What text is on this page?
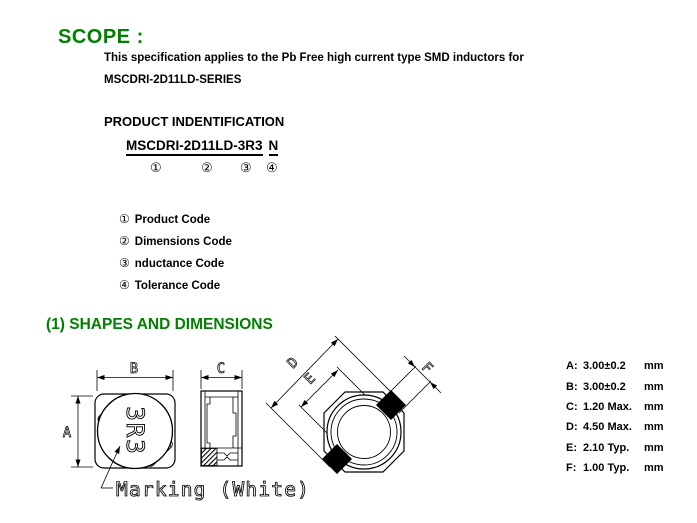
SCOPE :
This specification applies to the Pb Free high current type SMD inductors for
MSCDRI-2D11LD-SERIES
PRODUCT INDENTIFICATION
MSCDRI-2D11LD-3R3 N
①	② ③ ④
① Product Code
② Dimensions Code
③ nductance Code
④ Tolerance Code
(1) SHAPES AND DIMENSIONS
3R3
B
A
Marking (White)
C	D
E
F	A: 3.00±0.2	mm
B: 3.00±0.2	mm
C: 1.20 Max.	mm
D: 4.50 Max.	mm
E: 2.10 Typ.	mm
F: 1.00 Typ.	mm
